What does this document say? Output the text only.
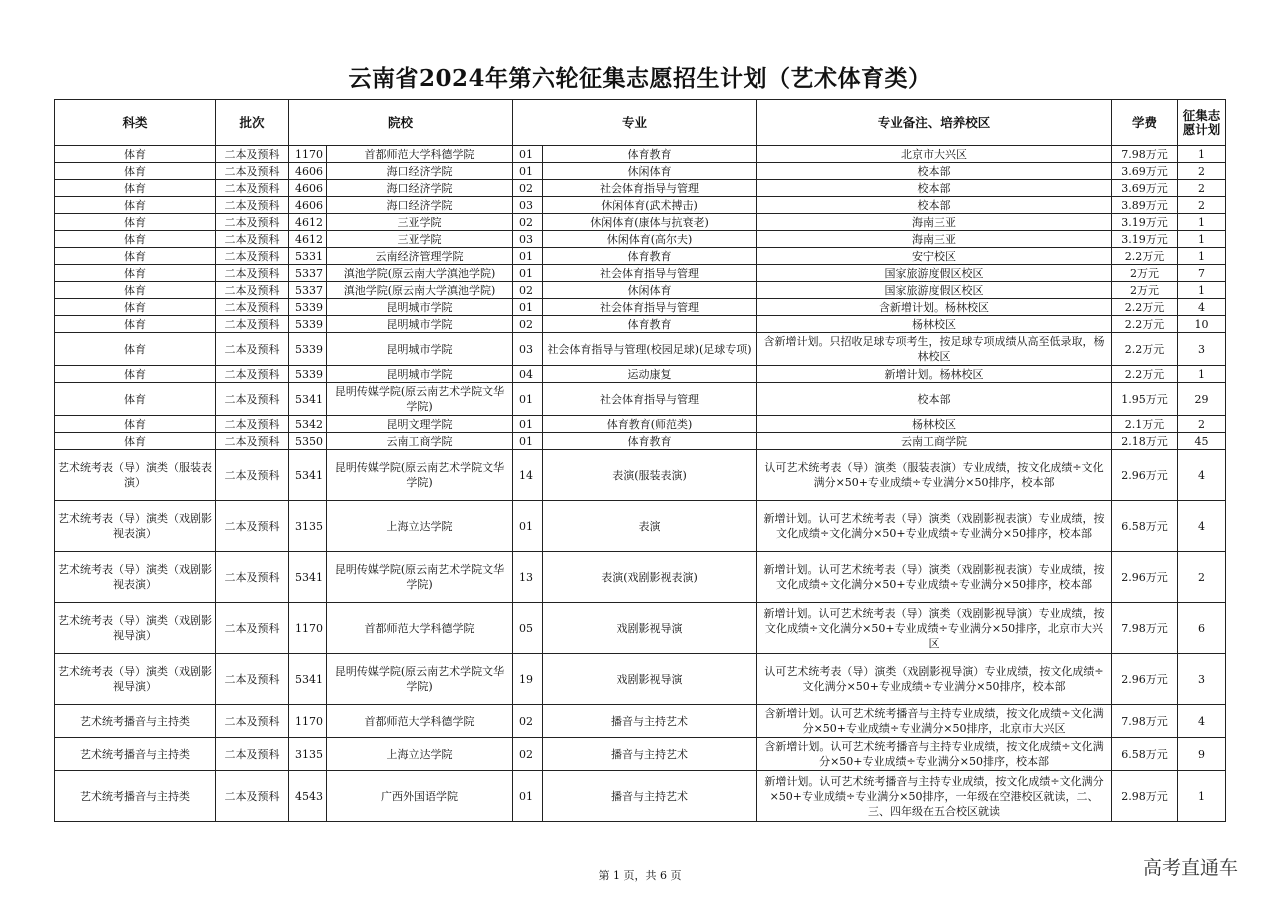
云南省2024年第六轮征集志愿招生计划（艺术体育类）
科类	批次	院校		专业		专业备注、培养校区	学费	征集志愿计划
体育	二本及预科	1170	首都师范大学科德学院	01	体育教育	北京市大兴区	7.98万元	1
体育	二本及预科	4606	海口经济学院	01	休闲体育	校本部	3.69万元	2
体育	二本及预科	4606	海口经济学院	02	社会体育指导与管理	校本部	3.69万元	2
体育	二本及预科	4606	海口经济学院	03	休闲体育(武术搏击)	校本部	3.89万元	2
体育	二本及预科	4612	三亚学院	02	休闲体育(康体与抗衰老)	海南三亚	3.19万元	1
体育	二本及预科	4612	三亚学院	03	休闲体育(高尔夫)	海南三亚	3.19万元	1
体育	二本及预科	5331	云南经济管理学院	01	体育教育	安宁校区	2.2万元	1
体育	二本及预科	5337	滇池学院(原云南大学滇池学院)	01	社会体育指导与管理	国家旅游度假区校区	2万元	7
体育	二本及预科	5337	滇池学院(原云南大学滇池学院)	02	休闲体育	国家旅游度假区校区	2万元	1
体育	二本及预科	5339	昆明城市学院	01	社会体育指导与管理	含新增计划。杨林校区	2.2万元	4
体育	二本及预科	5339	昆明城市学院	02	体育教育	杨林校区	2.2万元	10
体育	二本及预科	5339	昆明城市学院	03	社会体育指导与管理(校园足球)(足球专项)	含新增计划。只招收足球专项考生，按足球专项成绩从高至低录取，杨林校区	2.2万元	3
体育	二本及预科	5339	昆明城市学院	04	运动康复	新增计划。杨林校区	2.2万元	1
体育	二本及预科	5341	昆明传媒学院(原云南艺术学院文华学院)	01	社会体育指导与管理	校本部	1.95万元	29
体育	二本及预科	5342	昆明文理学院	01	体育教育(师范类)	杨林校区	2.1万元	2
体育	二本及预科	5350	云南工商学院	01	体育教育	云南工商学院	2.18万元	45
艺术统考表（导）演类（服装表演）	二本及预科	5341	昆明传媒学院(原云南艺术学院文华学院)	14	表演(服装表演)	认可艺术统考表（导）演类（服装表演）专业成绩，按文化成绩÷文化满分×50+专业成绩÷专业满分×50排序，校本部	2.96万元	4
艺术统考表（导）演类（戏剧影视表演）	二本及预科	3135	上海立达学院	01	表演	新增计划。认可艺术统考表（导）演类（戏剧影视表演）专业成绩，按文化成绩÷文化满分×50+专业成绩÷专业满分×50排序，校本部	6.58万元	4
艺术统考表（导）演类（戏剧影视表演）	二本及预科	5341	昆明传媒学院(原云南艺术学院文华学院)	13	表演(戏剧影视表演)	新增计划。认可艺术统考表（导）演类（戏剧影视表演）专业成绩，按文化成绩÷文化满分×50+专业成绩÷专业满分×50排序，校本部	2.96万元	2
艺术统考表（导）演类（戏剧影视导演）	二本及预科	1170	首都师范大学科德学院	05	戏剧影视导演	新增计划。认可艺术统考表（导）演类（戏剧影视导演）专业成绩，按文化成绩÷文化满分×50+专业成绩÷专业满分×50排序，北京市大兴区	7.98万元	6
艺术统考表（导）演类（戏剧影视导演）	二本及预科	5341	昆明传媒学院(原云南艺术学院文华学院)	19	戏剧影视导演	认可艺术统考表（导）演类（戏剧影视导演）专业成绩，按文化成绩÷文化满分×50+专业成绩÷专业满分×50排序，校本部	2.96万元	3
艺术统考播音与主持类	二本及预科	1170	首都师范大学科德学院	02	播音与主持艺术	含新增计划。认可艺术统考播音与主持专业成绩，按文化成绩÷文化满分×50+专业成绩÷专业满分×50排序，北京市大兴区	7.98万元	4
艺术统考播音与主持类	二本及预科	3135	上海立达学院	02	播音与主持艺术	含新增计划。认可艺术统考播音与主持专业成绩，按文化成绩÷文化满分×50+专业成绩÷专业满分×50排序，校本部	6.58万元	9
艺术统考播音与主持类	二本及预科	4543	广西外国语学院	01	播音与主持艺术	新增计划。认可艺术统考播音与主持专业成绩，按文化成绩÷文化满分×50+专业成绩÷专业满分×50排序，一年级在空港校区就读，二、三、四年级在五合校区就读	2.98万元	1
第 1 页，共 6 页	高考直通车
